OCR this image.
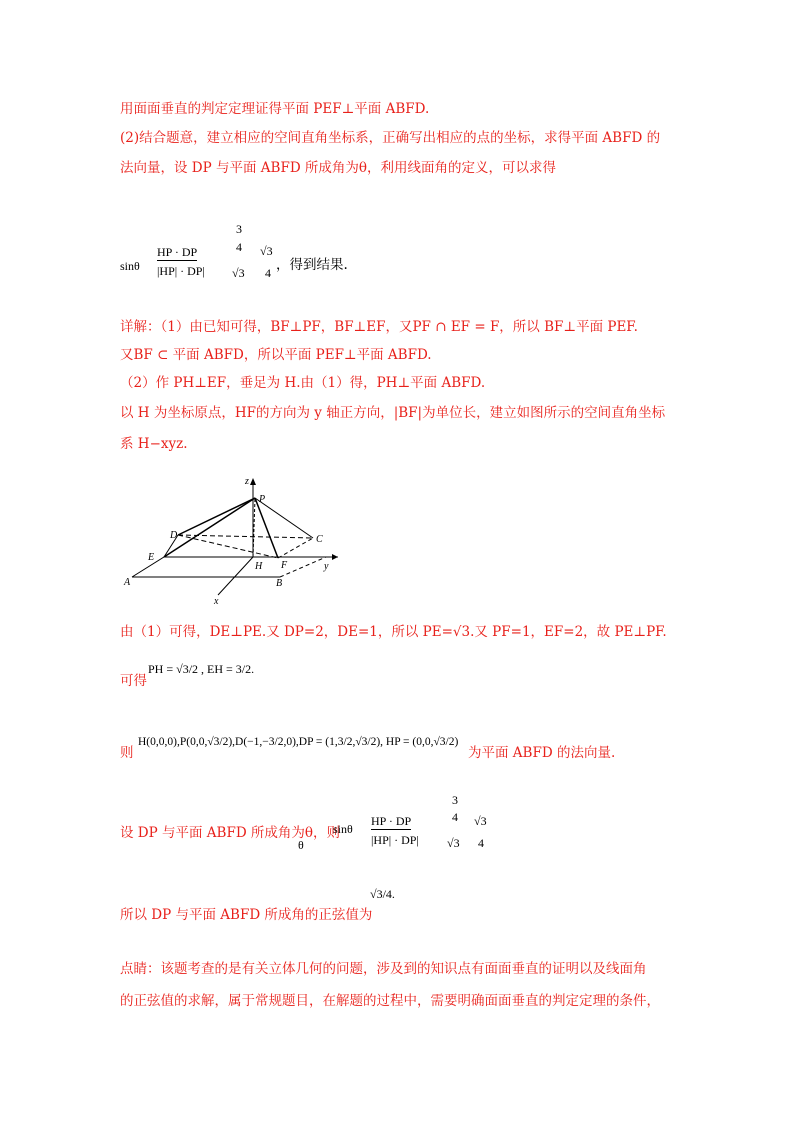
用面面垂直的判定定理证得平面 PEF⊥平面 ABFD.
(2)结合题意，建立相应的空间直角坐标系，正确写出相应的点的坐标，求得平面 ABFD 的
法向量，设 DP 与平面 ABFD 所成角为θ，利用线面角的定义，可以求得
sinθ
HP · DP
|HP| · DP|
3
4
√3
√3
4 ，得到结果.
详解：（1）由已知可得，BF⊥PF，BF⊥EF，又PF ∩ EF = F，所以 BF⊥平面 PEF.
又BF ⊂ 平面 ABFD，所以平面 PEF⊥平面 ABFD.
（2）作 PH⊥EF，垂足为 H.由（1）得，PH⊥平面 ABFD.
以 H 为坐标原点，HF的方向为 y 轴正方向，|BF|为单位长，建立如图所示的空间直角坐标
系 H−xyz.
z
P
D	C
E
H F	y
A	B
x
由（1）可得，DE⊥PE.又 DP=2，DE=1，所以 PE=√3.又 PF=1，EF=2，故 PE⊥PF.
可得
PH = √3/2 , EH = 3/2.
则
H(0,0,0),P(0,0,√3/2),D(−1,−3/2,0),DP = (1,3/2,√3/2), HP = (0,0,√3/2)
为平面 ABFD 的法向量.
设 DP 与平面 ABFD 所成角为θ，则
θ
sinθ
HP · DP
|HP| · DP|
3
4
√3
√3
4
所以 DP 与平面 ABFD 所成角的正弦值为
√3/4.
点睛：该题考查的是有关立体几何的问题，涉及到的知识点有面面垂直的证明以及线面角
的正弦值的求解，属于常规题目，在解题的过程中，需要明确面面垂直的判定定理的条件，
